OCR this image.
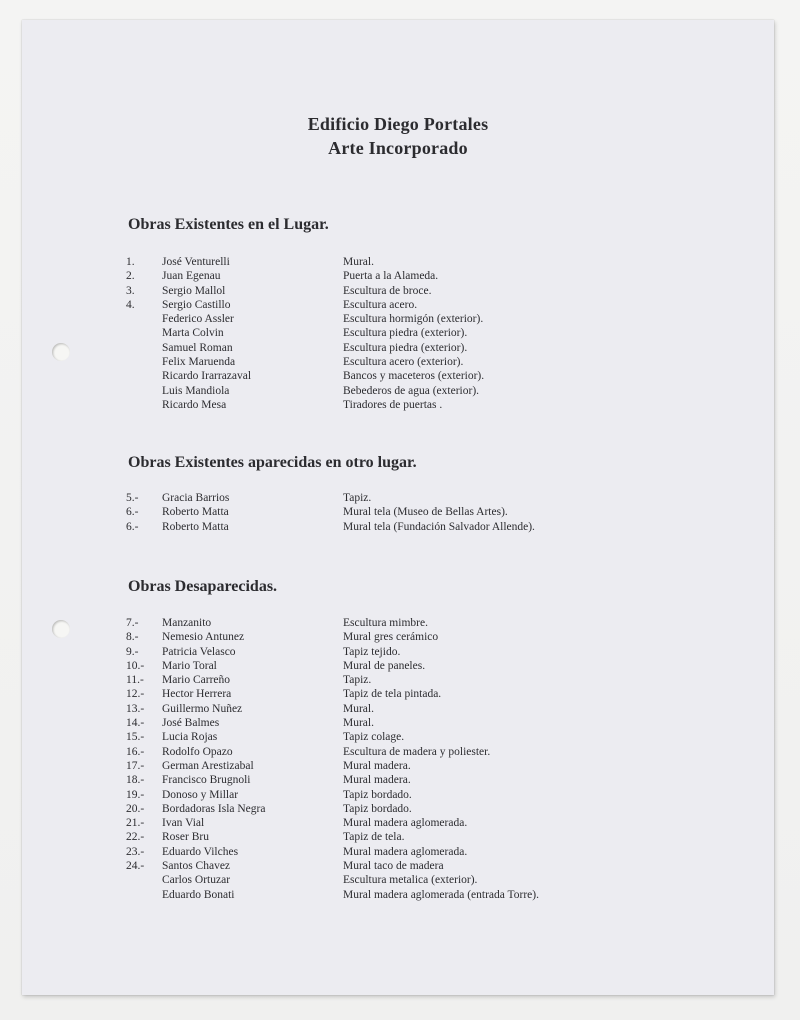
Edificio Diego Portales
Arte Incorporado
Obras Existentes en el Lugar.
1.	José Venturelli	Mural.
2.	Juan Egenau	Puerta a la Alameda.
3.	Sergio Mallol	Escultura de broce.
4.	Sergio Castillo	Escultura acero.
Federico Assler	Escultura hormigón (exterior).
Marta Colvin	Escultura piedra (exterior).
Samuel Roman	Escultura piedra (exterior).
Felix Maruenda	Escultura acero (exterior).
Ricardo Irarrazaval	Bancos y maceteros (exterior).
Luis Mandiola	Bebederos de agua (exterior).
Ricardo Mesa	Tiradores de puertas .
Obras Existentes aparecidas en otro lugar.
5.-	Gracia Barrios	Tapiz.
6.-	Roberto Matta	Mural tela (Museo de Bellas Artes).
6.-	Roberto Matta	Mural tela (Fundación Salvador Allende).
Obras Desaparecidas.
7.-	Manzanito	Escultura mimbre.
8.-	Nemesio Antunez	Mural gres cerámico
9.-	Patricia Velasco	Tapiz tejido.
10.-	Mario Toral	Mural de paneles.
11.-	Mario Carreño	Tapiz.
12.-	Hector Herrera	Tapiz de tela pintada.
13.-	Guillermo Nuñez	Mural.
14.-	José Balmes	Mural.
15.-	Lucia Rojas	Tapiz colage.
16.-	Rodolfo Opazo	Escultura de madera y poliester.
17.-	German Arestizabal	Mural madera.
18.-	Francisco Brugnoli	Mural madera.
19.-	Donoso y Millar	Tapiz bordado.
20.-	Bordadoras Isla Negra	Tapiz bordado.
21.-	Ivan Vial	Mural madera aglomerada.
22.-	Roser Bru	Tapiz de tela.
23.-	Eduardo Vilches	Mural madera aglomerada.
24.-	Santos Chavez	Mural taco de madera
Carlos Ortuzar	Escultura metalica (exterior).
Eduardo Bonati	Mural madera aglomerada (entrada Torre).
